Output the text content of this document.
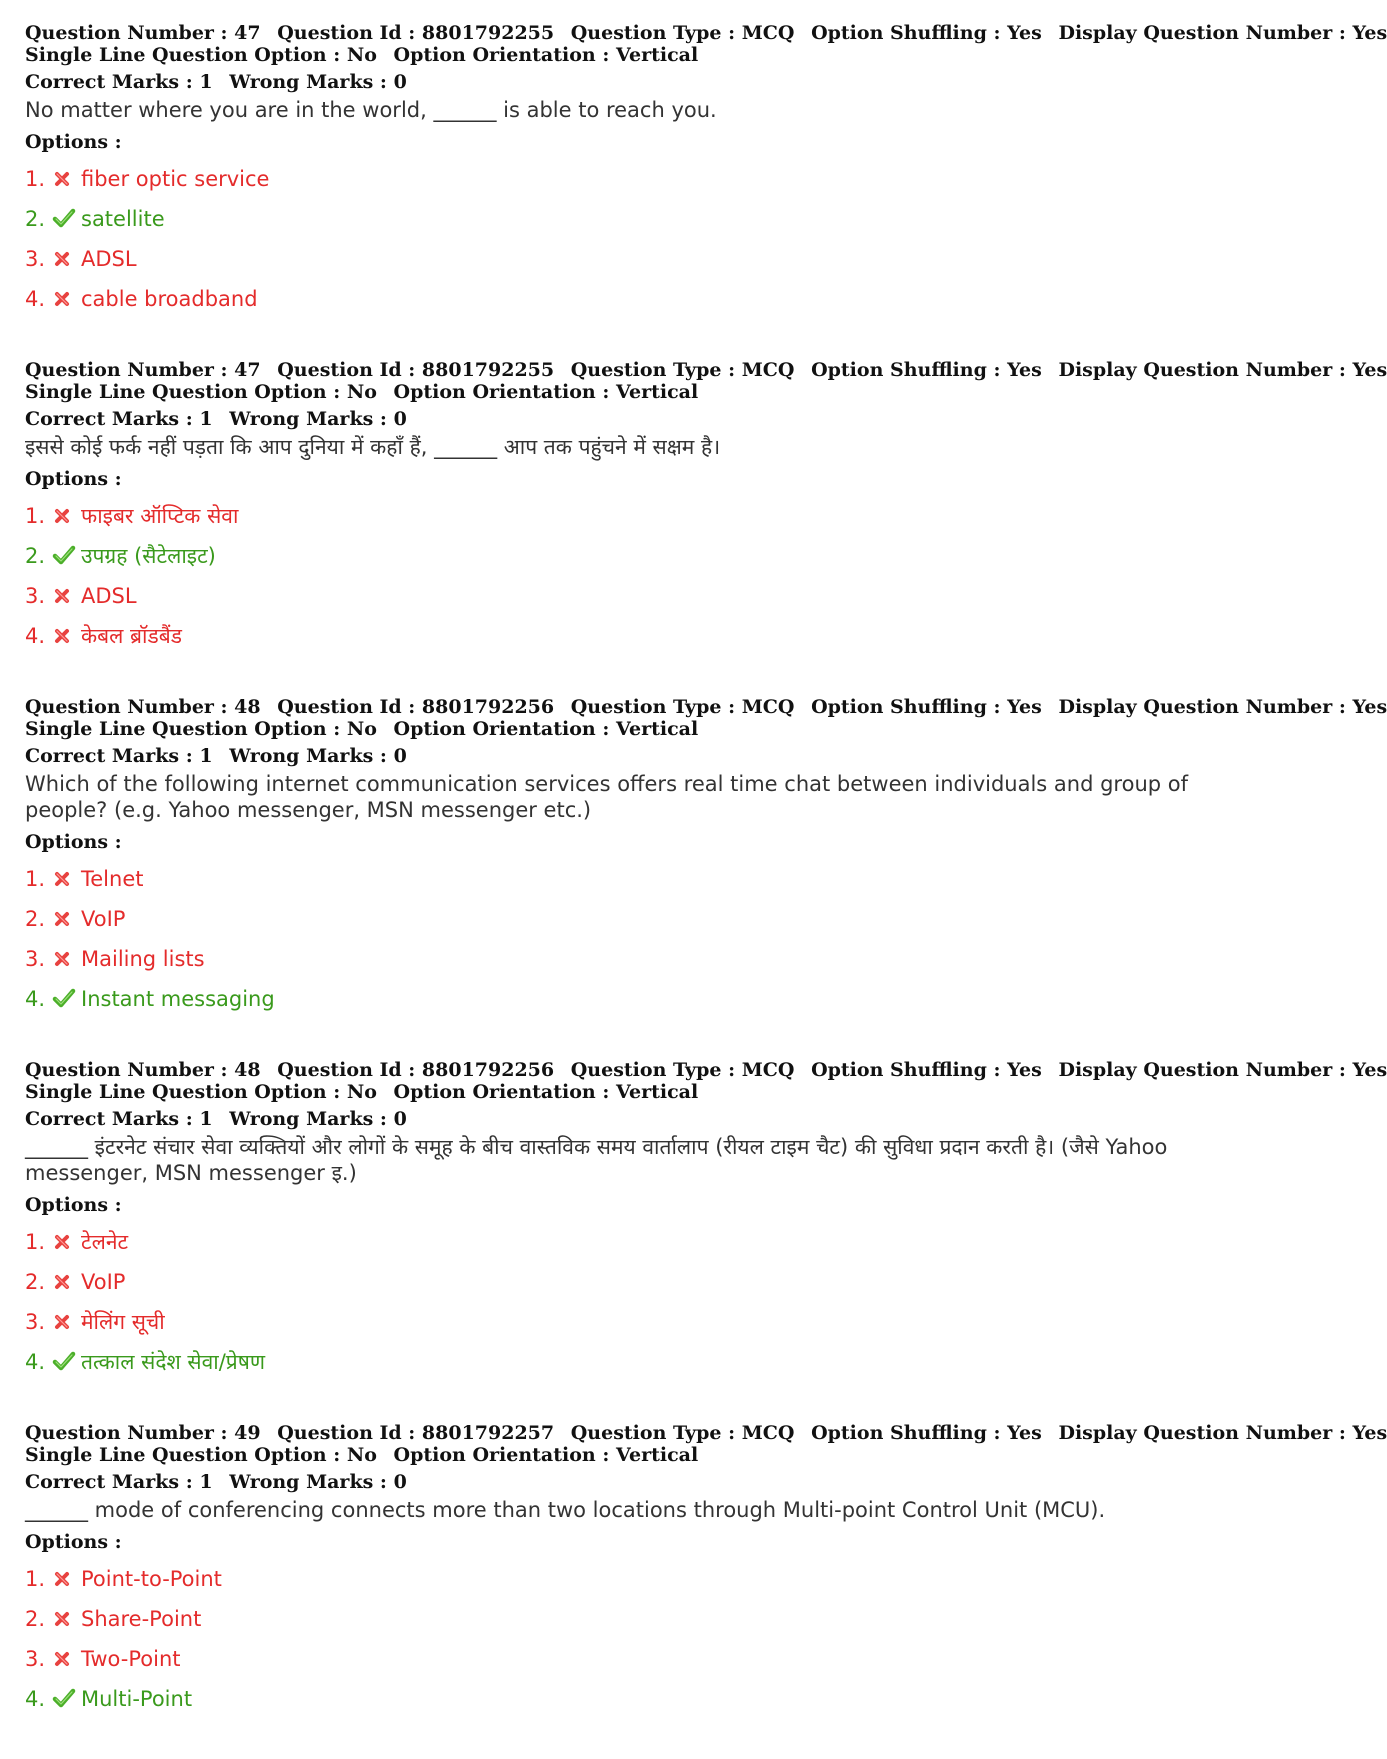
Question Number : 47 Question Id : 8801792255 Question Type : MCQ Option Shuffling : Yes Display Question Number : Yes
Single Line Question Option : No Option Orientation : Vertical
Correct Marks : 1 Wrong Marks : 0
No matter where you are in the world, ______ is able to reach you.
Options :
1.	fiber optic service
2.	satellite
3.	ADSL
4.	cable broadband
Question Number : 47 Question Id : 8801792255 Question Type : MCQ Option Shuffling : Yes Display Question Number : Yes
Single Line Question Option : No Option Orientation : Vertical
Correct Marks : 1 Wrong Marks : 0
इससे कोई फर्क नहीं पड़ता कि आप दुनिया में कहाँ हैं, ______ आप तक पहुंचने में सक्षम है।
Options :
1.	फाइबर ऑप्टिक सेवा
2.	उपग्रह (सैटेलाइट)
3.	ADSL
4.	केबल ब्रॉडबैंड
Question Number : 48 Question Id : 8801792256 Question Type : MCQ Option Shuffling : Yes Display Question Number : Yes
Single Line Question Option : No Option Orientation : Vertical
Correct Marks : 1 Wrong Marks : 0
Which of the following internet communication services offers real time chat between individuals and group of people? (e.g. Yahoo messenger, MSN messenger etc.)
Options :
1.	Telnet
2.	VoIP
3.	Mailing lists
4.	Instant messaging
Question Number : 48 Question Id : 8801792256 Question Type : MCQ Option Shuffling : Yes Display Question Number : Yes
Single Line Question Option : No Option Orientation : Vertical
Correct Marks : 1 Wrong Marks : 0
______ इंटरनेट संचार सेवा व्यक्तियों और लोगों के समूह के बीच वास्तविक समय वार्तालाप (रीयल टाइम चैट) की सुविधा प्रदान करती है। (जैसे Yahoo messenger, MSN messenger इ.)
Options :
1.	टेलनेट
2.	VoIP
3.	मेलिंग सूची
4.	तत्काल संदेश सेवा/प्रेषण
Question Number : 49 Question Id : 8801792257 Question Type : MCQ Option Shuffling : Yes Display Question Number : Yes
Single Line Question Option : No Option Orientation : Vertical
Correct Marks : 1 Wrong Marks : 0
______ mode of conferencing connects more than two locations through Multi-point Control Unit (MCU).
Options :
1.	Point-to-Point
2.	Share-Point
3.	Two-Point
4.	Multi-Point
